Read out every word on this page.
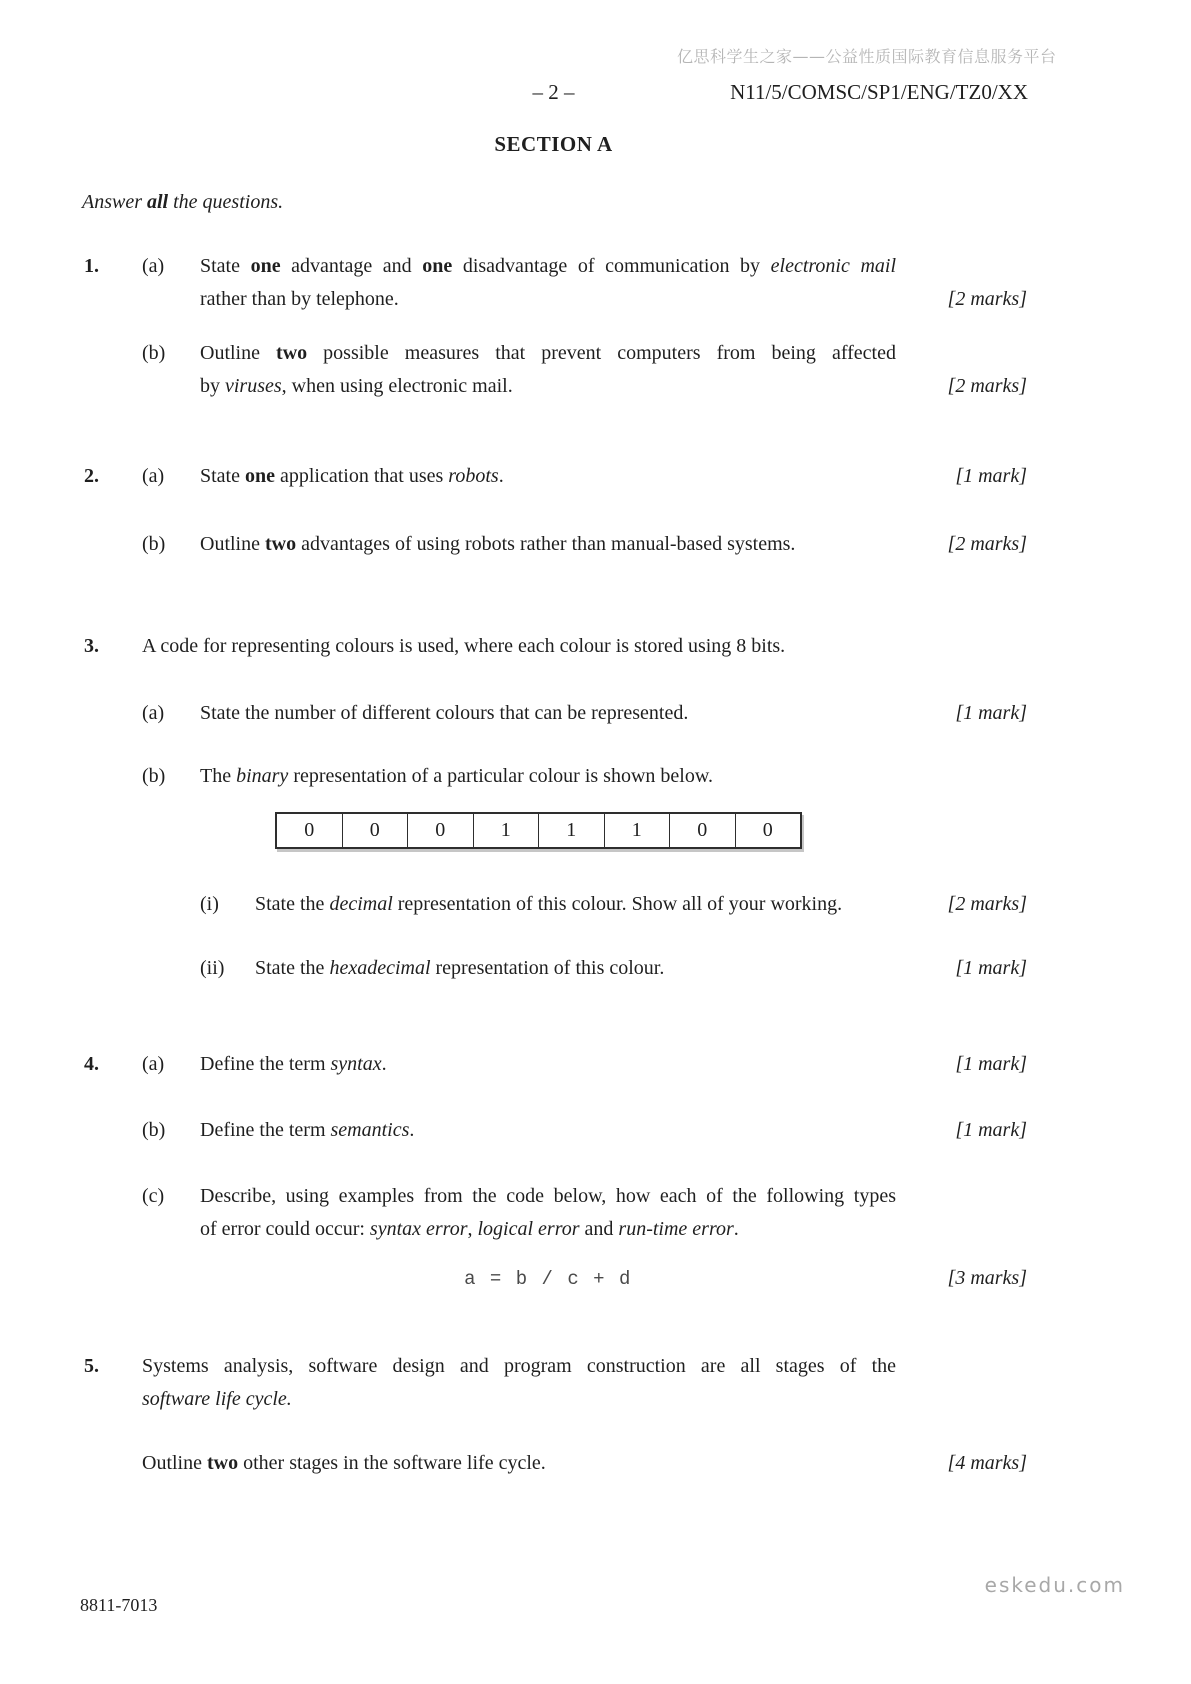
亿思科学生之家——公益性质国际教育信息服务平台
– 2 –	N11/5/COMSC/SP1/ENG/TZ0/XX
SECTION A
Answer all the questions.
1. (a) State one advantage and one disadvantage of communication by electronic mail
rather than by telephone.	[2 marks]
(b) Outline two possible measures that prevent computers from being affected
by viruses, when using electronic mail.	[2 marks]
2. (a) State one application that uses robots.	[1 mark]
(b) Outline two advantages of using robots rather than manual-based systems.	[2 marks]
3. A code for representing colours is used, where each colour is stored using 8 bits.
(a) State the number of different colours that can be represented.	[1 mark]
(b) The binary representation of a particular colour is shown below.
0	0	0	1	1	1	0	0
(i) State the decimal representation of this colour. Show all of your working.	[2 marks]
(ii) State the hexadecimal representation of this colour.	[1 mark]
4. (a) Define the term syntax.	[1 mark]
(b) Define the term semantics.	[1 mark]
(c) Describe, using examples from the code below, how each of the following types
of error could occur: syntax error, logical error and run-time error.
a = b / c + d	[3 marks]
5. Systems analysis, software design and program construction are all stages of the
software life cycle.
Outline two other stages in the software life cycle.	[4 marks]
eskedu.com
8811-7013
